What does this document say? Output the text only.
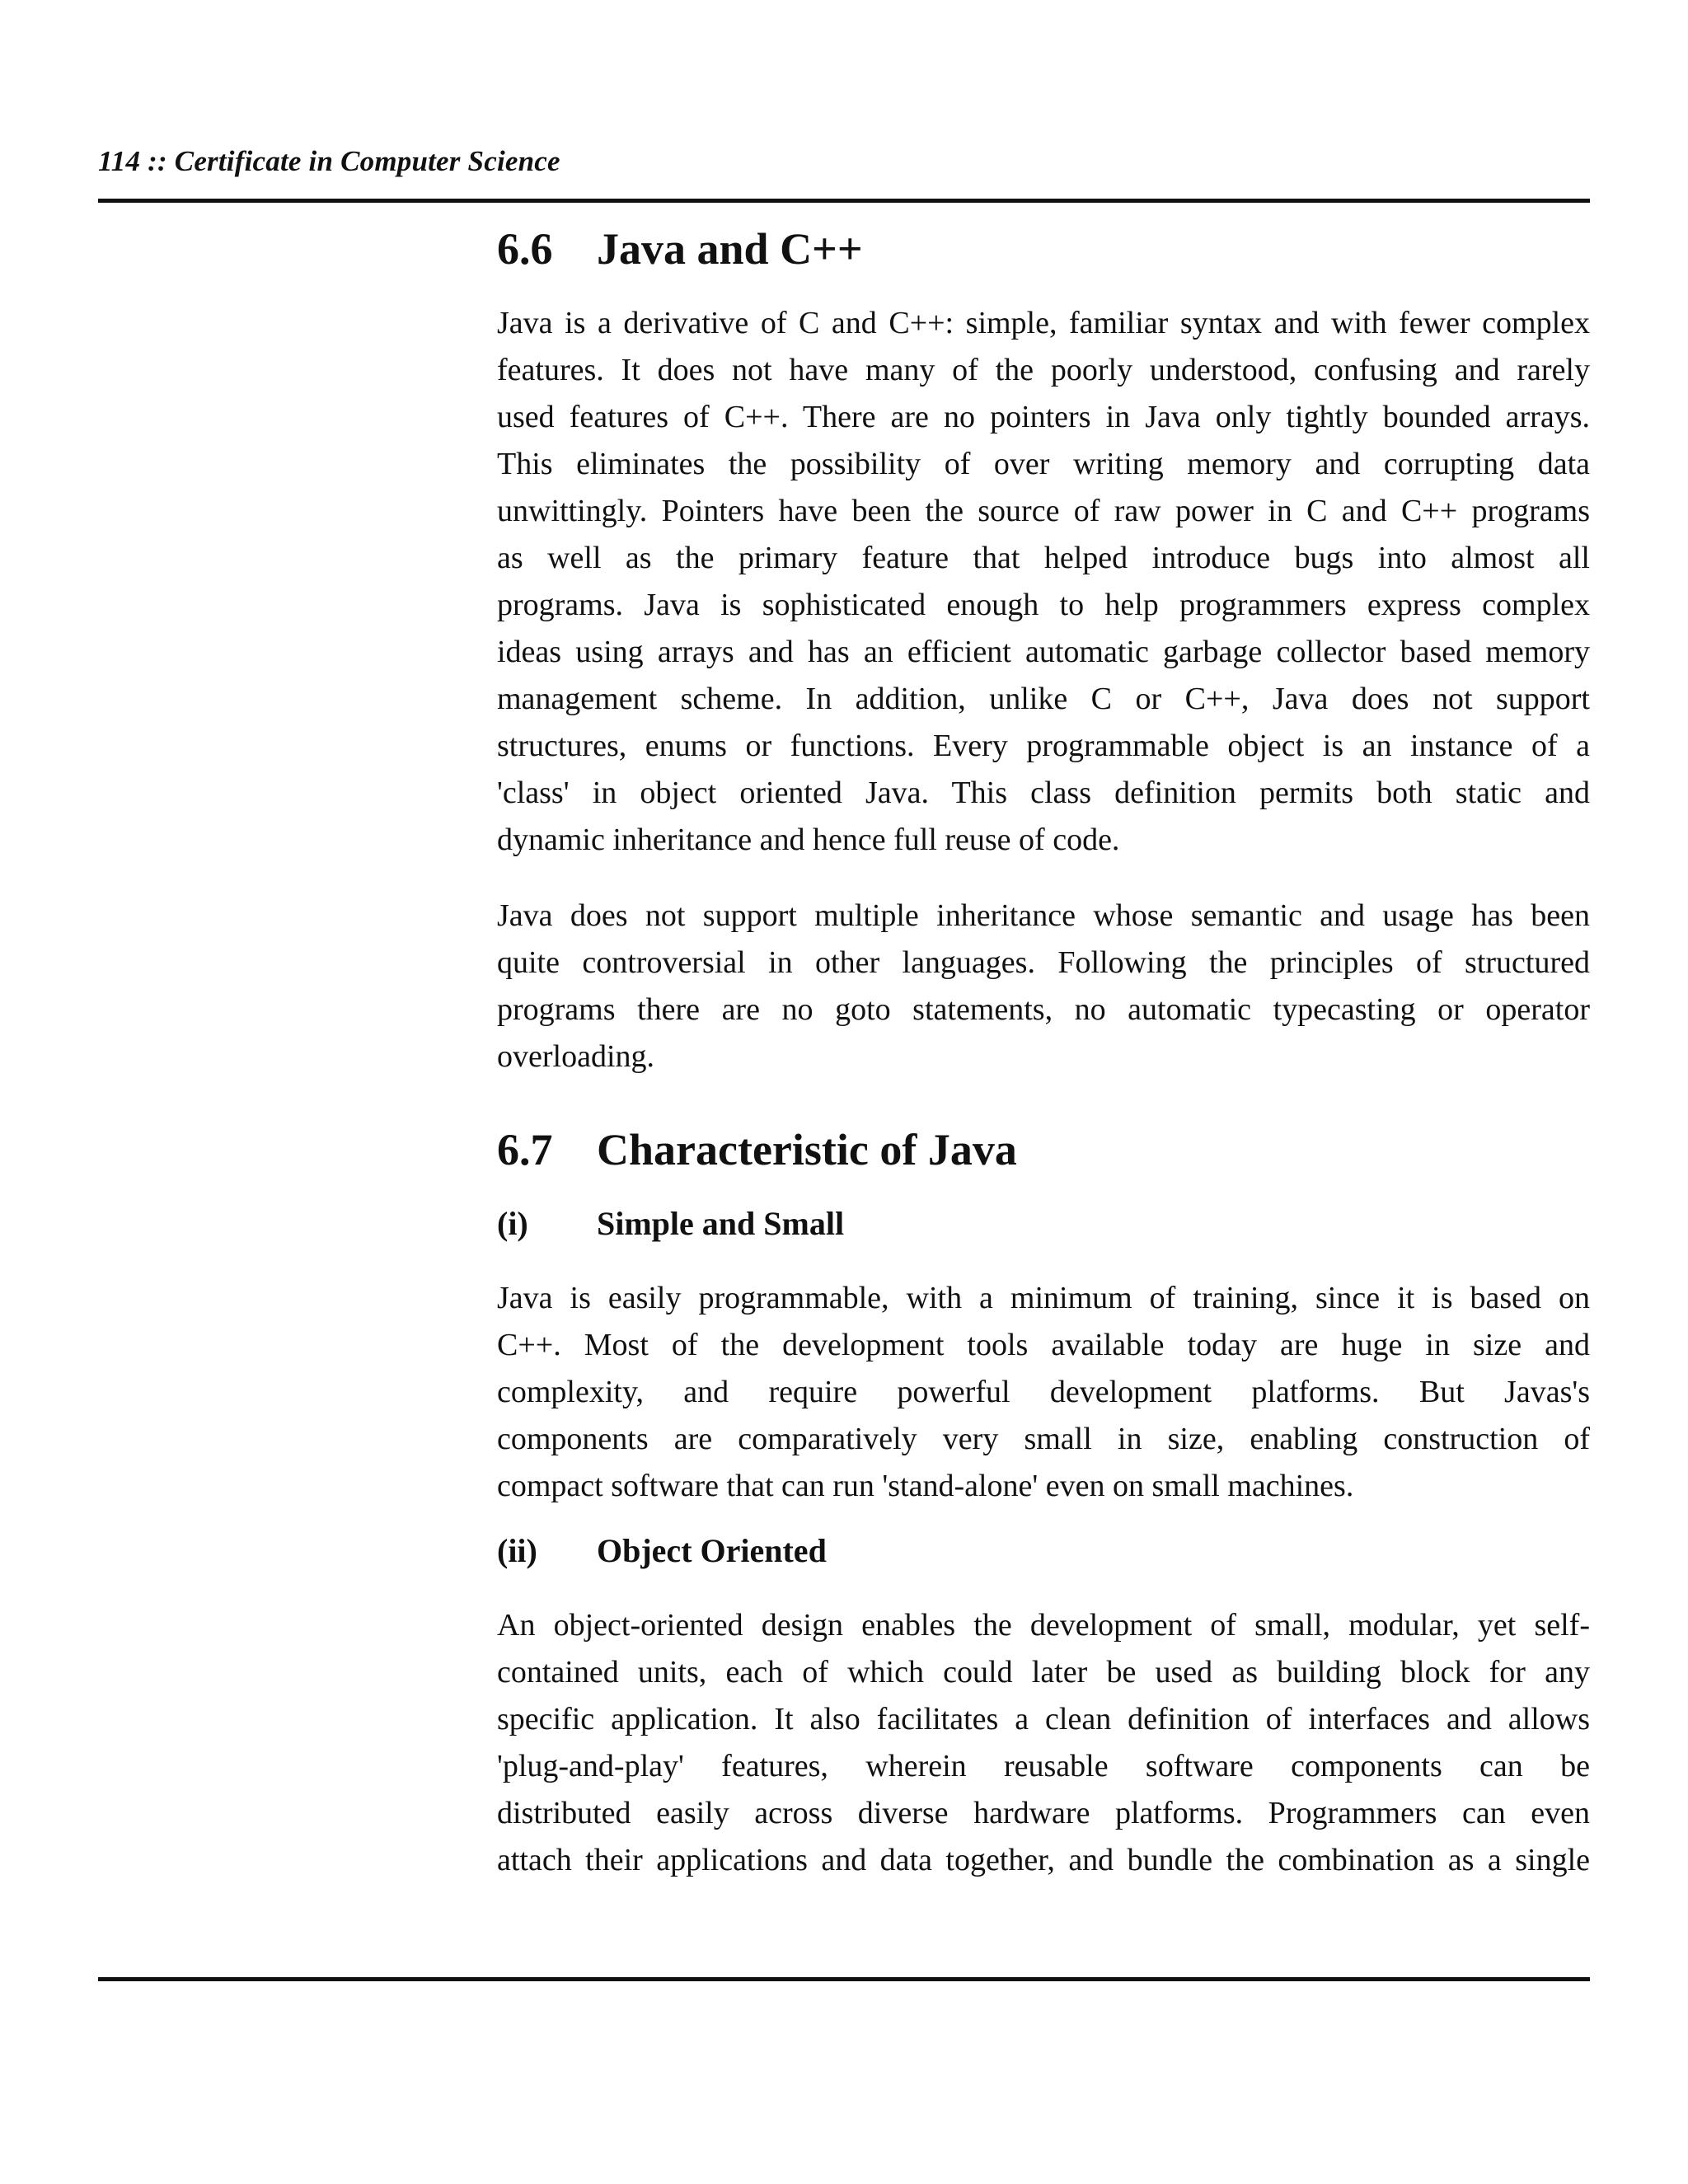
114 :: Certificate in Computer Science
6.6 Java and C++

Java is a derivative of C and C++: simple, familiar syntax and with fewer complex
features. It does not have many of the poorly understood, confusing and rarely
used features of C++. There are no pointers in Java only tightly bounded arrays.
This eliminates the possibility of over writing memory and corrupting data
unwittingly. Pointers have been the source of raw power in C and C++ programs
as well as the primary feature that helped introduce bugs into almost all
programs. Java is sophisticated enough to help programmers express complex
ideas using arrays and has an efficient automatic garbage collector based memory
management scheme. In addition, unlike C or C++, Java does not support
structures, enums or functions. Every programmable object is an instance of a
'class' in object oriented Java. This class definition permits both static and
dynamic inheritance and hence full reuse of code.

Java does not support multiple inheritance whose semantic and usage has been
quite controversial in other languages. Following the principles of structured
programs there are no goto statements, no automatic typecasting or operator
overloading.

6.7 Characteristic of Java
(i) Simple and Small

Java is easily programmable, with a minimum of training, since it is based on
C++. Most of the development tools available today are huge in size and
complexity, and require powerful development platforms. But Javas's
components are comparatively very small in size, enabling construction of
compact software that can run 'stand-alone' even on small machines.

(ii) Object Oriented

An object-oriented design enables the development of small, modular, yet self-
contained units, each of which could later be used as building block for any
specific application. It also facilitates a clean definition of interfaces and allows
'plug-and-play' features, wherein reusable software components can be
distributed easily across diverse hardware platforms. Programmers can even
attach their applications and data together, and bundle the combination as a single
